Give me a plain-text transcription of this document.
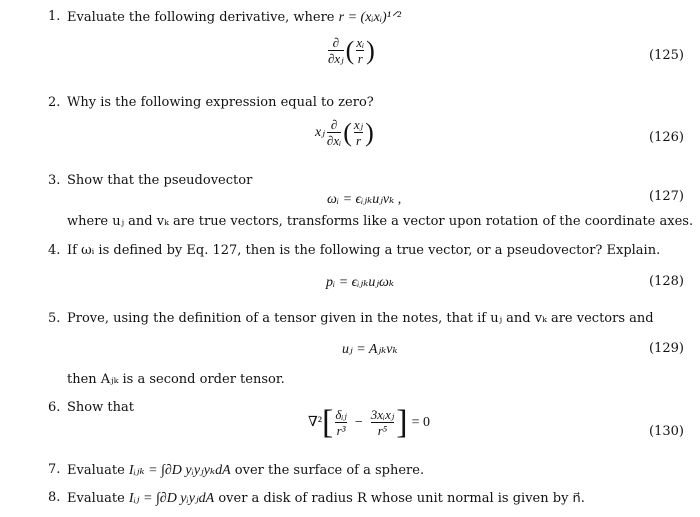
1. Evaluate the following derivative, where r = (xᵢxᵢ)¹ᐟ²
$\frac{\partial}{\text{∂xⱼ}}$ ( $\frac{\text{xᵢ}}{r}$ )	(125)
2. Why is the following expression equal to zero?
xⱼ $\frac{\partial}{\text{∂xᵢ}}$ ( $\frac{\text{xⱼ}}{r}$ )	(126)
3. Show that the pseudovector
ωᵢ = ϵᵢⱼₖuⱼvₖ ,	(127)
where uⱼ and vₖ are true vectors, transforms like a vector upon rotation of the coordinate axes.
4. If ωᵢ is defined by Eq. 127, then is the following a true vector, or a pseudovector? Explain.
pᵢ = ϵᵢⱼₖuⱼωₖ	(128)
5. Prove, using the definition of a tensor given in the notes, that if uⱼ and vₖ are vectors and
uⱼ = Aⱼₖvₖ	(129)
then Aⱼₖ is a second order tensor.
6. Show that
$\nabla^2[ \frac{\text{δᵢⱼ}}{\text{r³}} - \frac{\text{3xᵢxⱼ}}{\text{r⁵}}$ ] = 0
(130)
7. Evaluate Iᵢⱼₖ = ∫∂D yᵢyⱼyₖdA over the surface of a sphere.
8. Evaluate Iᵢⱼ = ∫∂D yᵢyⱼdA over a disk of radius R whose unit normal is given by n⃗.
